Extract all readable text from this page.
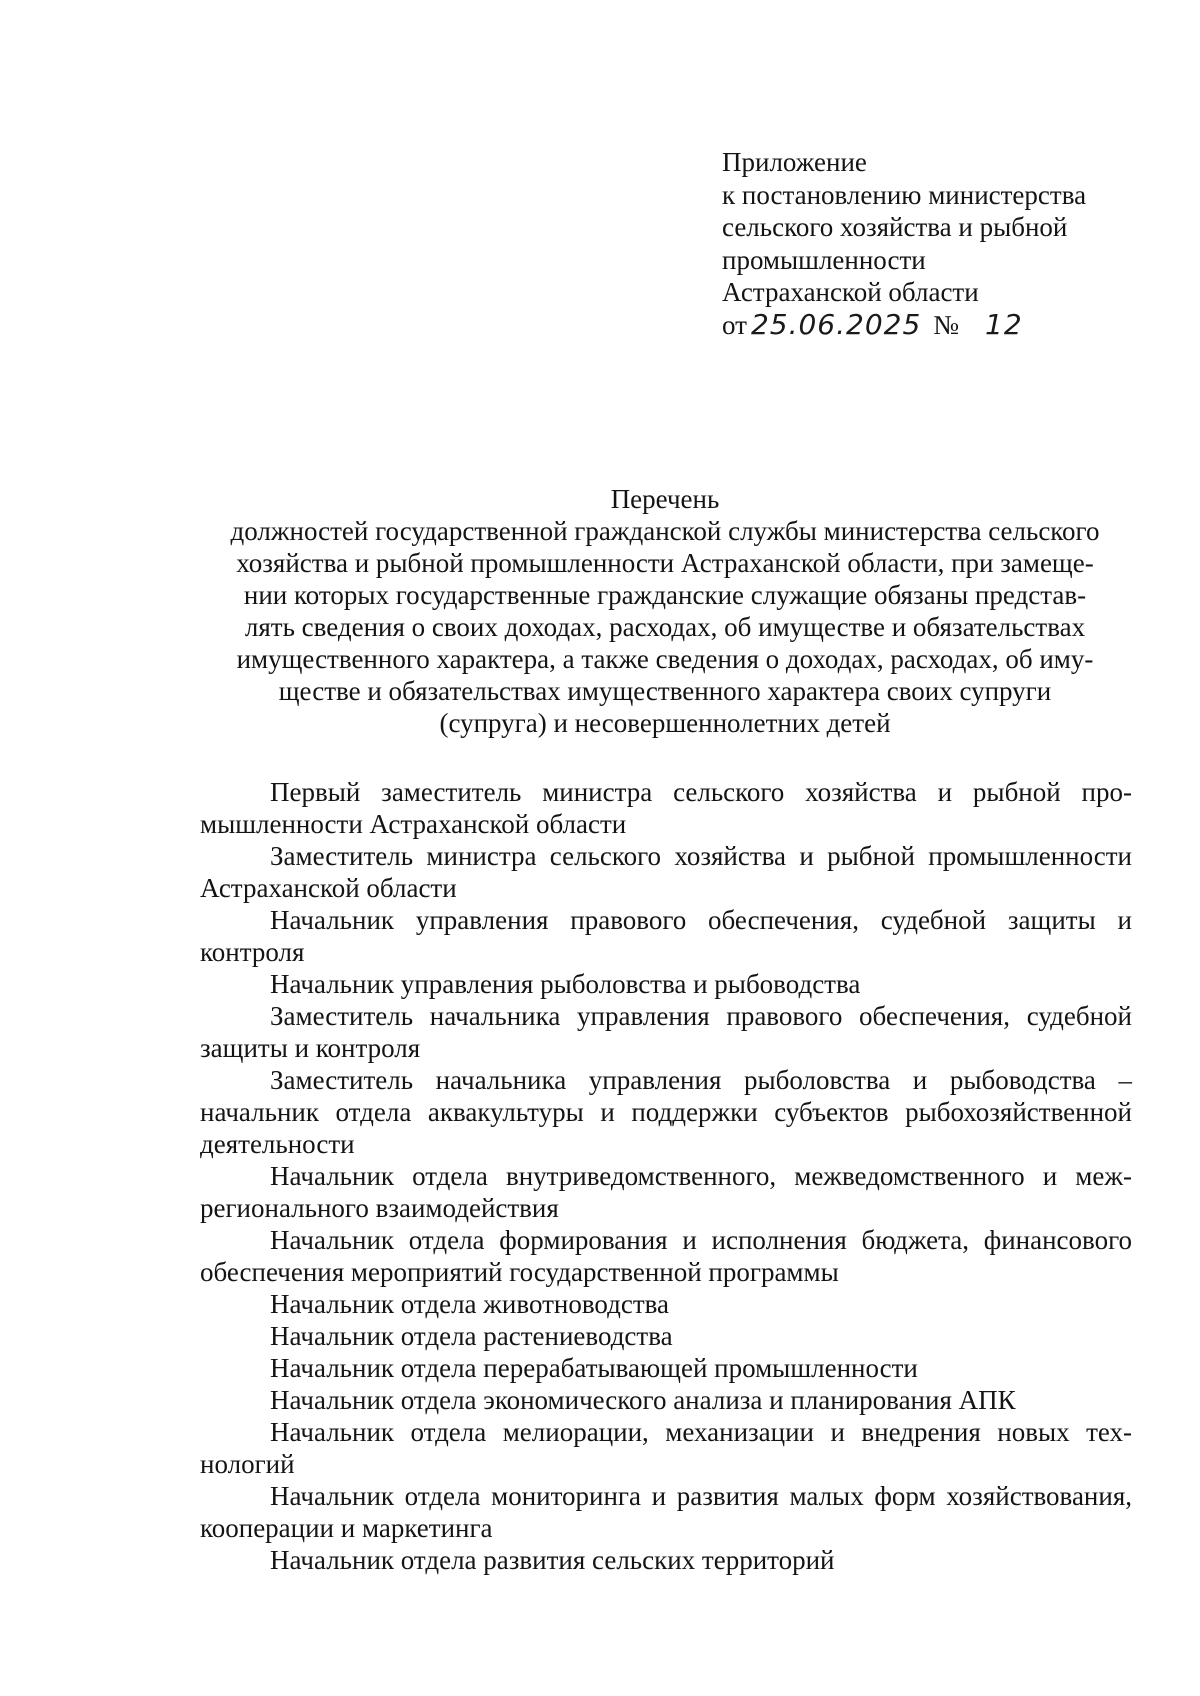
Приложение
к постановлению министерства
сельского хозяйства и рыбной
промышленности
Астраханской области
от 25.06.2025 № 12
Перечень
должностей государственной гражданской службы министерства сельского
хозяйства и рыбной промышленности Астраханской области, при замеще-
нии которых государственные гражданские служащие обязаны представ-
лять сведения о своих доходах, расходах, об имуществе и обязательствах
имущественного характера, а также сведения о доходах, расходах, об иму-
ществе и обязательствах имущественного характера своих супруги
(супруга) и несовершеннолетних детей

Первый заместитель министра сельского хозяйства и рыбной промышленности Астраханской области

Заместитель министра сельского хозяйства и рыбной промышленности Астраханской области

Начальник управления правового обеспечения, судебной защиты и контроля

Начальник управления рыболовства и рыбоводства

Заместитель начальника управления правового обеспечения, судебной защиты и контроля

Заместитель начальника управления рыболовства и рыбоводства – начальник отдела аквакультуры и поддержки субъектов рыбохозяйственной деятельности

Начальник отдела внутриведомственного, межведомственного и межрегионального взаимодействия

Начальник отдела формирования и исполнения бюджета, финансового обеспечения мероприятий государственной программы

Начальник отдела животноводства

Начальник отдела растениеводства

Начальник отдела перерабатывающей промышленности

Начальник отдела экономического анализа и планирования АПК

Начальник отдела мелиорации, механизации и внедрения новых технологий

Начальник отдела мониторинга и развития малых форм хозяйствования, кооперации и маркетинга

Начальник отдела развития сельских территорий
